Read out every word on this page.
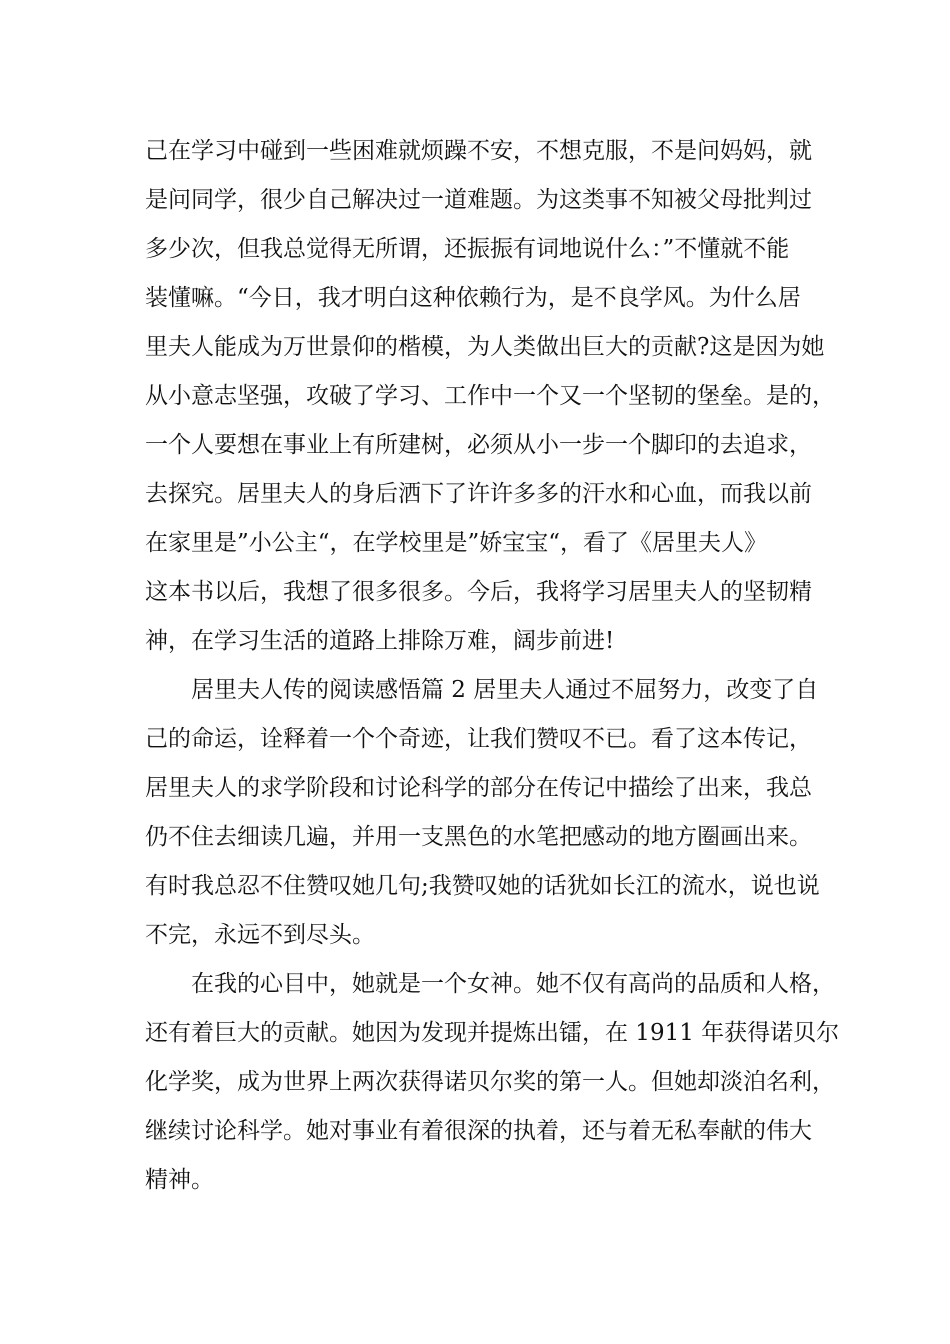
己在学习中碰到一些困难就烦躁不安，不想克服，不是问妈妈，就
是问同学，很少自己解决过一道难题。为这类事不知被父母批判过
多少次，但我总觉得无所谓，还振振有词地说什么：”不懂就不能
装懂嘛。“今日，我才明白这种依赖行为，是不良学风。为什么居
里夫人能成为万世景仰的楷模，为人类做出巨大的贡献?这是因为她
从小意志坚强，攻破了学习、工作中一个又一个坚韧的堡垒。是的，
一个人要想在事业上有所建树，必须从小一步一个脚印的去追求，
去探究。居里夫人的身后洒下了许许多多的汗水和心血，而我以前
在家里是”小公主“，在学校里是”娇宝宝“，看了《居里夫人》
这本书以后，我想了很多很多。今后，我将学习居里夫人的坚韧精
神，在学习生活的道路上排除万难，阔步前进!
　　居里夫人传的阅读感悟篇 2 居里夫人通过不屈努力，改变了自
己的命运，诠释着一个个奇迹，让我们赞叹不已。看了这本传记，
居里夫人的求学阶段和讨论科学的部分在传记中描绘了出来，我总
仍不住去细读几遍，并用一支黑色的水笔把感动的地方圈画出来。
有时我总忍不住赞叹她几句;我赞叹她的话犹如长江的流水，说也说
不完，永远不到尽头。
　　在我的心目中，她就是一个女神。她不仅有高尚的品质和人格，
还有着巨大的贡献。她因为发现并提炼出镭，在 1911 年获得诺贝尔
化学奖，成为世界上两次获得诺贝尔奖的第一人。但她却淡泊名利，
继续讨论科学。她对事业有着很深的执着，还与着无私奉献的伟大
精神。
